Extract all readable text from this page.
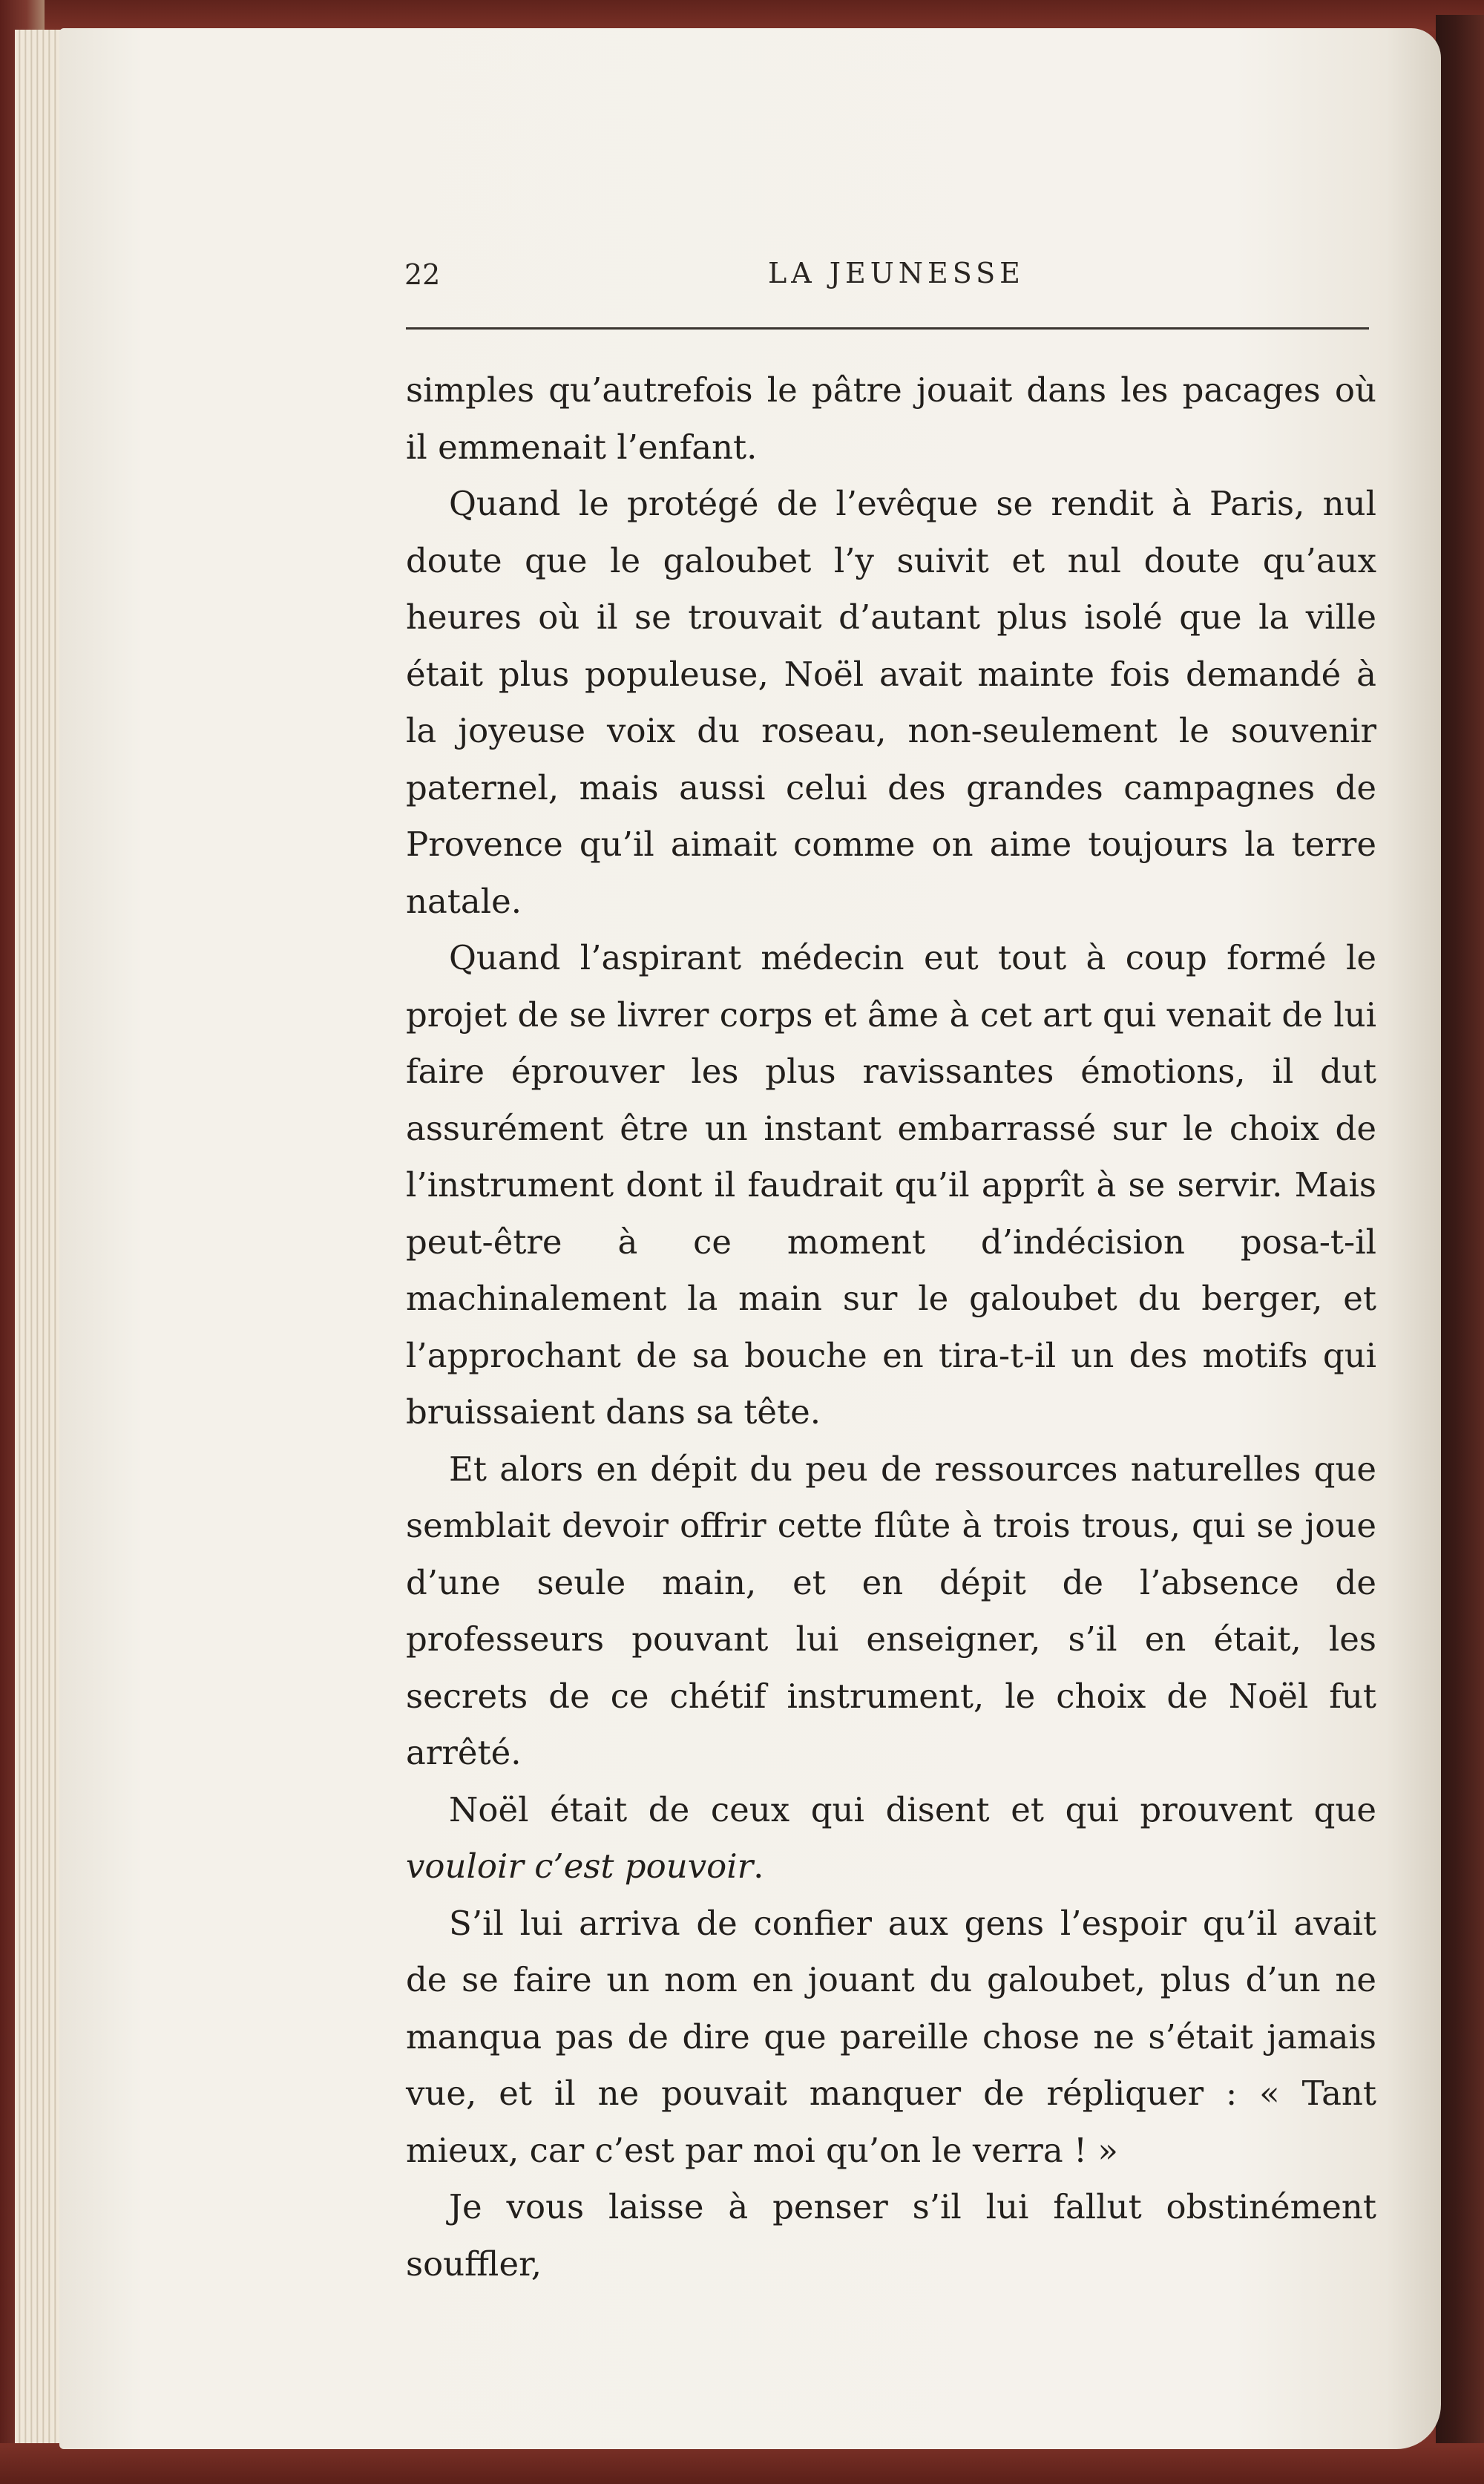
22	LA JEUNESSE

simples qu’autrefois le pâtre jouait dans les pacages où il emmenait l’enfant.

Quand le protégé de l’evêque se rendit à Paris, nul doute que le galoubet l’y suivit et nul doute qu’aux heures où il se trouvait d’autant plus isolé que la ville était plus populeuse, Noël avait mainte fois demandé à la joyeuse voix du roseau, non-seulement le souvenir paternel, mais aussi celui des grandes campagnes de Provence qu’il aimait comme on aime toujours la terre natale.

Quand l’aspirant médecin eut tout à coup formé le projet de se livrer corps et âme à cet art qui venait de lui faire éprouver les plus ravissantes émotions, il dut assurément être un instant embarrassé sur le choix de l’instrument dont il faudrait qu’il apprît à se servir. Mais peut-être à ce moment d’indécision posa-t-il machinalement la main sur le galoubet du berger, et l’approchant de sa bouche en tira-t-il un des motifs qui bruissaient dans sa tête.

Et alors en dépit du peu de ressources naturelles que semblait devoir offrir cette flûte à trois trous, qui se joue d’une seule main, et en dépit de l’absence de professeurs pouvant lui enseigner, s’il en était, les secrets de ce chétif instrument, le choix de Noël fut arrêté.

Noël était de ceux qui disent et qui prouvent que vouloir c’est pouvoir.

S’il lui arriva de confier aux gens l’espoir qu’il avait de se faire un nom en jouant du galoubet, plus d’un ne manqua pas de dire que pareille chose ne s’était jamais vue, et il ne pouvait manquer de répliquer : « Tant mieux, car c’est par moi qu’on le verra ! »

Je vous laisse à penser s’il lui fallut obstinément souffler,
